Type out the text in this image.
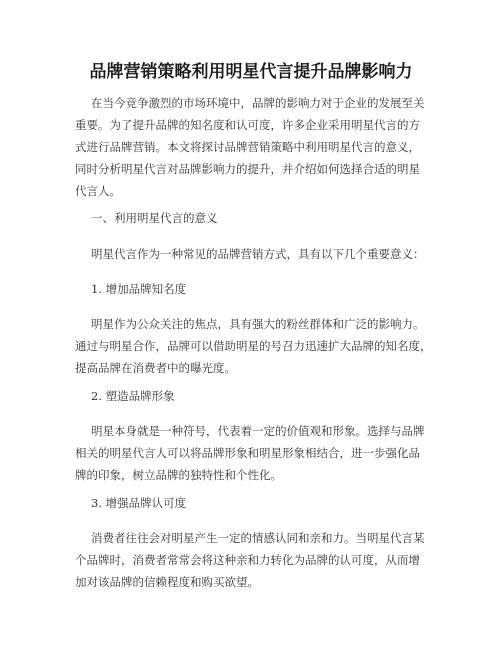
品牌营销策略利用明星代言提升品牌影响力
在当今竞争激烈的市场环境中，品牌的影响力对于企业的发展至关
重要。为了提升品牌的知名度和认可度，许多企业采用明星代言的方
式进行品牌营销。本文将探讨品牌营销策略中利用明星代言的意义，
同时分析明星代言对品牌影响力的提升，并介绍如何选择合适的明星
代言人。
一、利用明星代言的意义
明星代言作为一种常见的品牌营销方式，具有以下几个重要意义：
1. 增加品牌知名度
明星作为公众关注的焦点，具有强大的粉丝群体和广泛的影响力。
通过与明星合作，品牌可以借助明星的号召力迅速扩大品牌的知名度，
提高品牌在消费者中的曝光度。
2. 塑造品牌形象
明星本身就是一种符号，代表着一定的价值观和形象。选择与品牌
相关的明星代言人可以将品牌形象和明星形象相结合，进一步强化品
牌的印象，树立品牌的独特性和个性化。
3. 增强品牌认可度
消费者往往会对明星产生一定的情感认同和亲和力。当明星代言某
个品牌时，消费者常常会将这种亲和力转化为品牌的认可度，从而增
加对该品牌的信赖程度和购买欲望。
